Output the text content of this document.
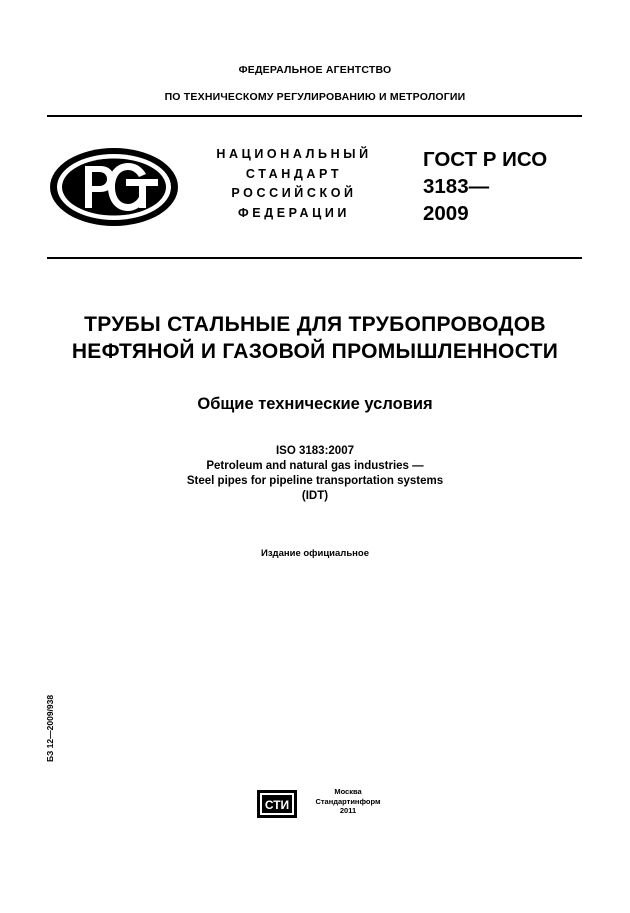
ФЕДЕРАЛЬНОЕ АГЕНТСТВО
ПО ТЕХНИЧЕСКОМУ РЕГУЛИРОВАНИЮ И МЕТРОЛОГИИ
НАЦИОНАЛЬНЫЙ
СТАНДАРТ
РОССИЙСКОЙ
ФЕДЕРАЦИИ
ГОСТ Р ИСО
3183—
2009
ТРУБЫ СТАЛЬНЫЕ ДЛЯ ТРУБОПРОВОДОВ
НЕФТЯНОЙ И ГАЗОВОЙ ПРОМЫШЛЕННОСТИ
Общие технические условия
ISO 3183:2007
Petroleum and natural gas industries —
Steel pipes for pipeline transportation systems
(IDT)
Издание официальное
БЗ 12—2009/938
СТИ
Москва
Стандартинформ
2011
